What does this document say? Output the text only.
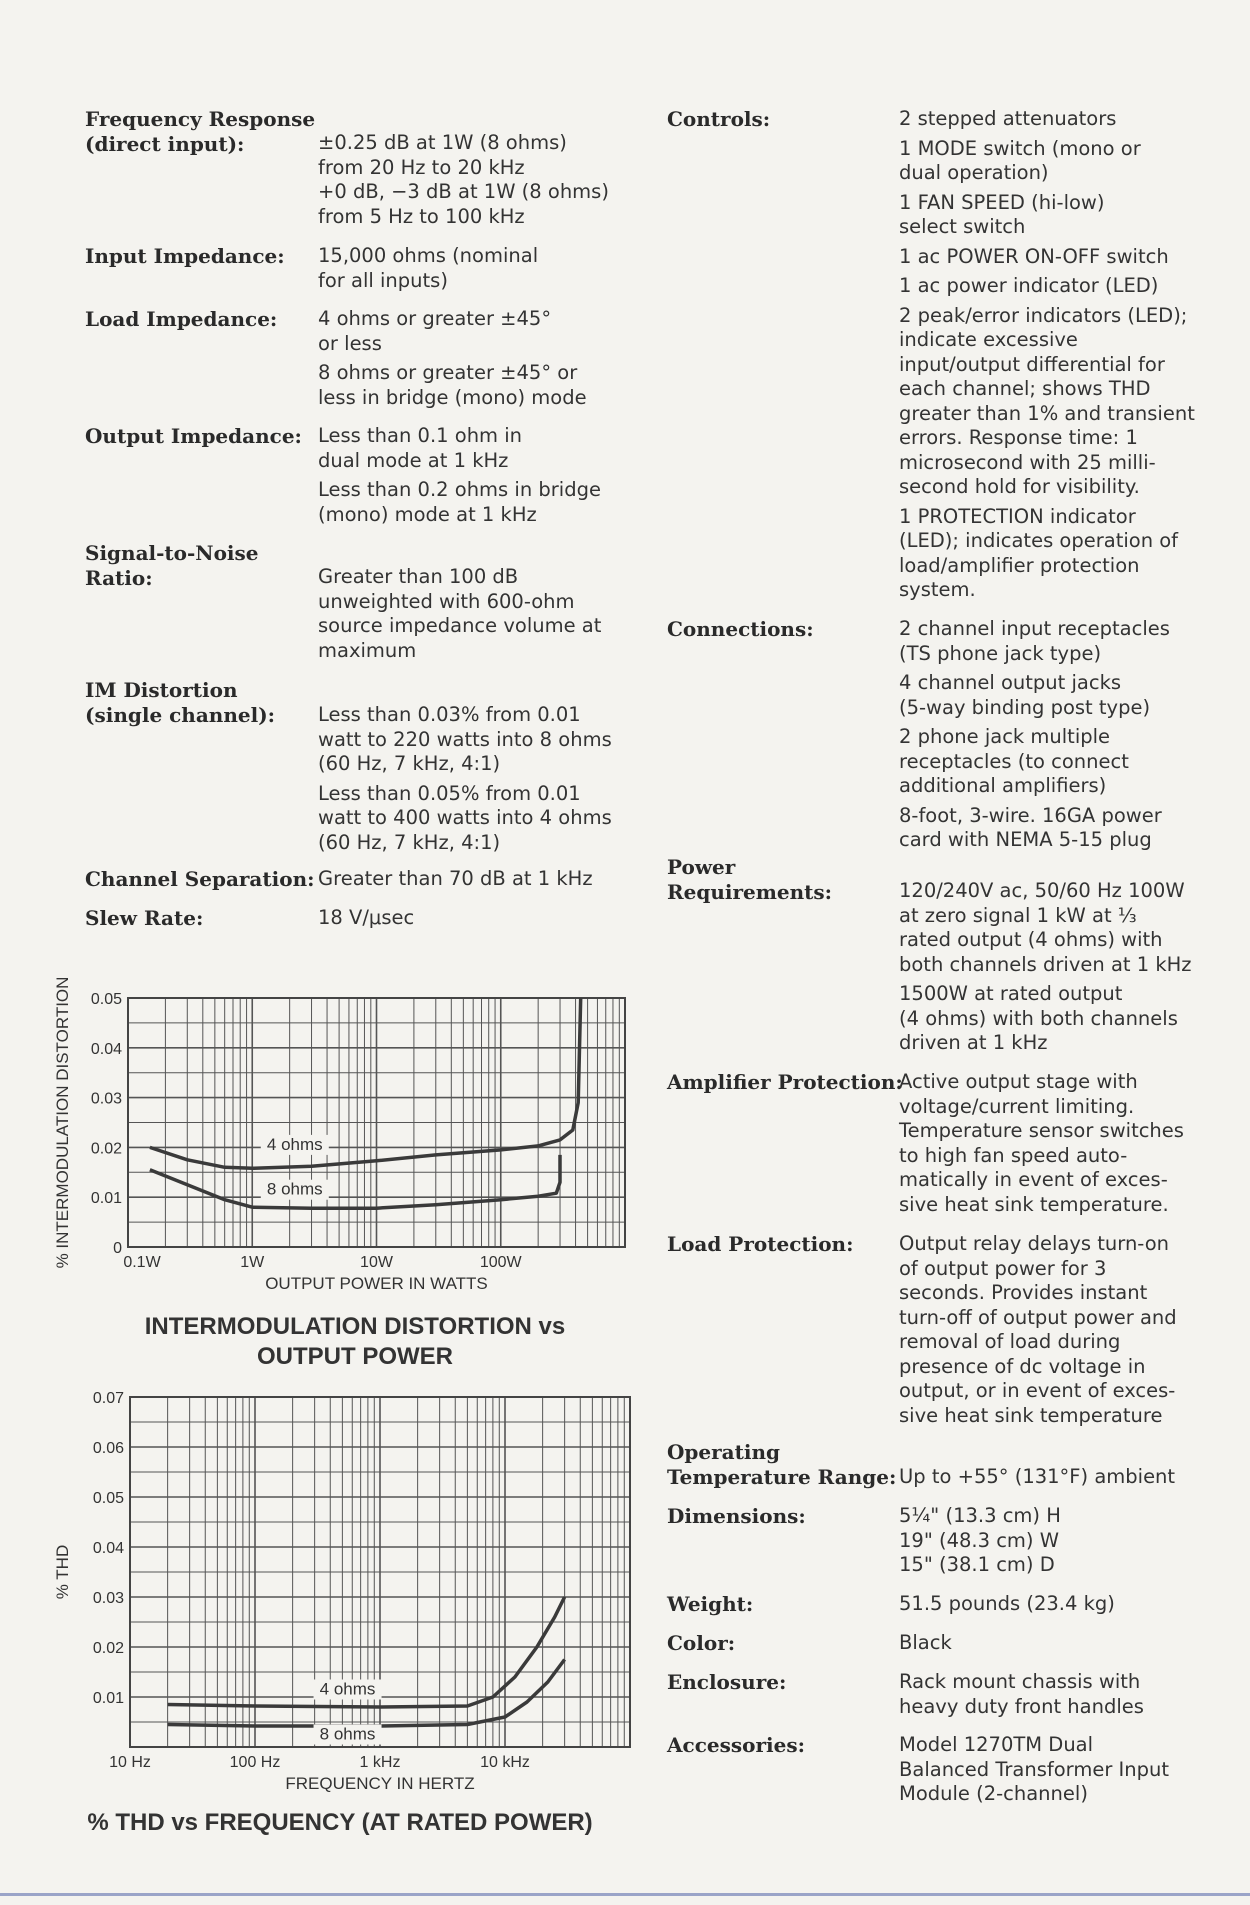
Frequency Response
(direct input):	±0.25 dB at 1W (8 ohms)
from 20 Hz to 20 kHz
+0 dB, −3 dB at 1W (8 ohms)
from 5 Hz to 100 kHz

Input Impedance: 15,000 ohms (nominal
for all inputs)

Load Impedance: 4 ohms or greater ±45°
or less

8 ohms or greater ±45° or
less in bridge (mono) mode

Output Impedance: Less than 0.1 ohm in
dual mode at 1 kHz

Less than 0.2 ohms in bridge
(mono) mode at 1 kHz

Signal-to-Noise
Ratio:	Greater than 100 dB
unweighted with 600-ohm
source impedance volume at
maximum

IM Distortion
(single channel): Less than 0.03% from 0.01
watt to 220 watts into 8 ohms
(60 Hz, 7 kHz, 4:1)

Less than 0.05% from 0.01
watt to 400 watts into 4 ohms
(60 Hz, 7 kHz, 4:1)

Channel Separation: Greater than 70 dB at 1 kHz

Slew Rate:	18 V/μsec

Controls:	2 stepped attenuators

1 MODE switch (mono or
dual operation)

1 FAN SPEED (hi-low)
select switch

1 ac POWER ON-OFF switch

1 ac power indicator (LED)

2 peak/error indicators (LED);
indicate excessive
input/output differential for
each channel; shows THD
greater than 1% and transient
errors. Response time: 1
microsecond with 25 milli-
second hold for visibility.

1 PROTECTION indicator
(LED); indicates operation of
load/amplifier protection
system.

Connections:	2 channel input receptacles
(TS phone jack type)

4 channel output jacks
(5-way binding post type)

2 phone jack multiple
receptacles (to connect
additional amplifiers)

8-foot, 3-wire. 16GA power
card with NEMA 5-15 plug

Power
Requirements:	120/240V ac, 50/60 Hz 100W
at zero signal 1 kW at ⅓
rated output (4 ohms) with
both channels driven at 1 kHz

1500W at rated output
(4 ohms) with both channels
driven at 1 kHz

Amplifier Protection:

Active output stage with
voltage/current limiting.
Temperature sensor switches
to high fan speed auto-
matically in event of exces-
sive heat sink temperature.

Load Protection: Output relay delays turn-on
of output power for 3
seconds. Provides instant
turn-off of output power and
removal of load during
presence of dc voltage in
output, or in event of exces-
sive heat sink temperature

Operating
Temperature Range: Up to +55° (131°F) ambient

Dimensions:	5¼" (13.3 cm) H
19" (48.3 cm) W
15" (38.1 cm) D

Weight:	51.5 pounds (23.4 kg)

Color:	Black

Enclosure:	Rack mount chassis with
heavy duty front handles

Accessories:	Model 1270TM Dual
Balanced Transformer Input
Module (2-channel)

0
0.01
0.02
0.03
0.04
0.05
0.1W	1W	10W	100W
OUTPUT POWER IN WATTS
% INTERMODULATION DISTORTION	4 ohms
8 ohms
INTERMODULATION DISTORTION vs
OUTPUT POWER
0.01
0.02
0.03
0.04
0.05
0.06
0.07
10 Hz	100 Hz	1 kHz	10 kHz
FREQUENCY IN HERTZ
% THD
4 ohms
8 ohms
% THD vs FREQUENCY (AT RATED POWER)
